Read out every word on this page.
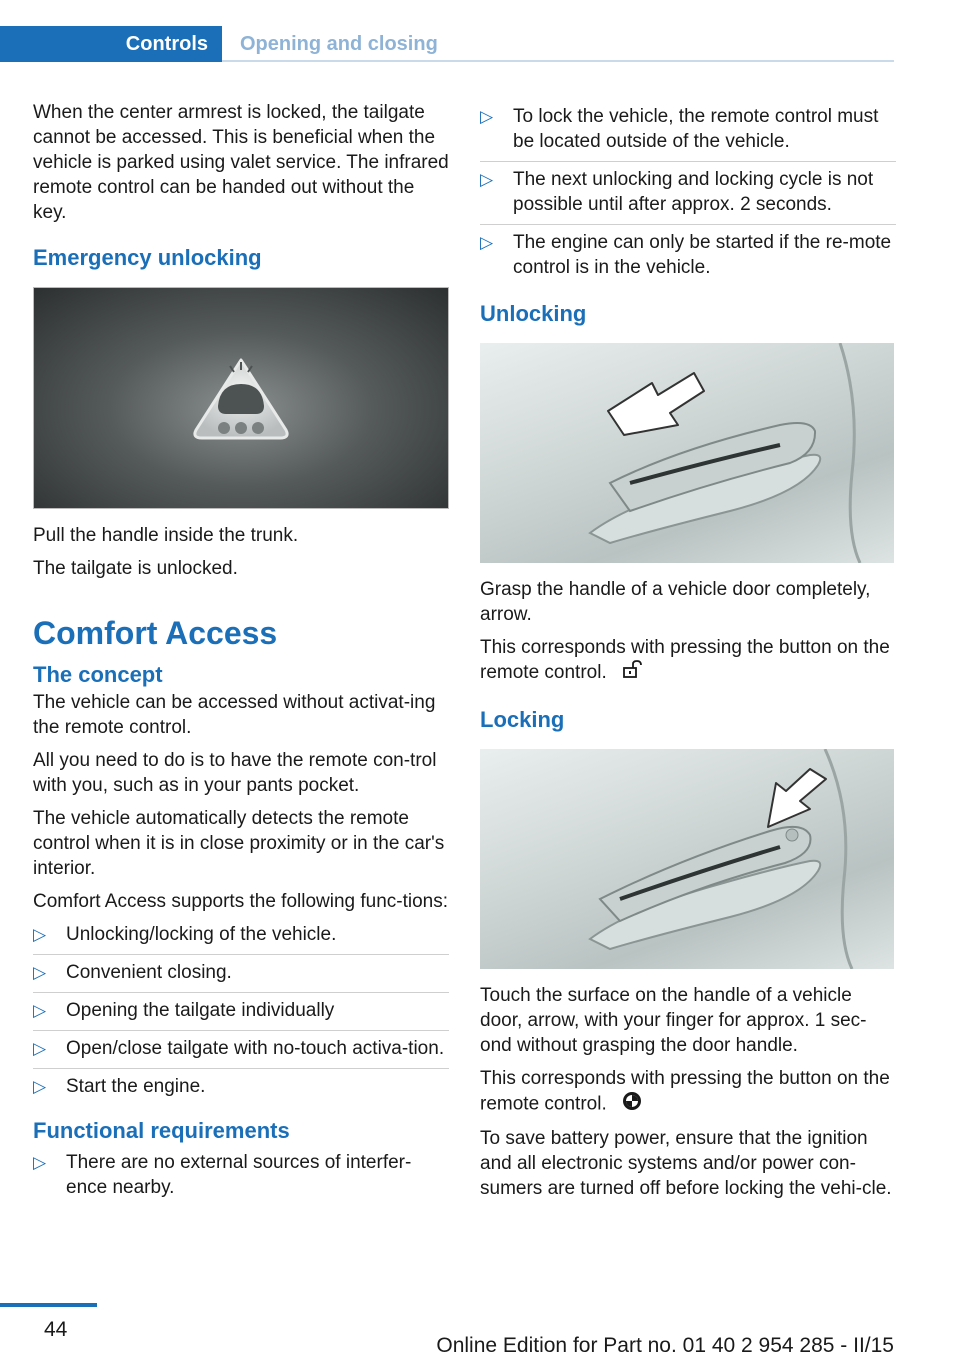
Controls	Opening and closing

When the center armrest is locked, the tailgate cannot be accessed. This is beneficial when the vehicle is parked using valet service. The infrared remote control can be handed out without the key.

Emergency unlocking

Pull the handle inside the trunk.

The tailgate is unlocked.

Comfort Access
The concept

The vehicle can be accessed without activat-ing the remote control.

All you need to do is to have the remote con-trol with you, such as in your pants pocket.

The vehicle automatically detects the remote control when it is in close proximity or in the car's interior.

Comfort Access supports the following func-tions:

▷ Unlocking/locking of the vehicle.
▷ Convenient closing.
▷ Opening the tailgate individually
▷ Open/close tailgate with no-touch activa-tion.
▷ Start the engine.
Functional requirements
▷ There are no external sources of interfer-ence nearby.
▷ To lock the vehicle, the remote control must be located outside of the vehicle.
▷ The next unlocking and locking cycle is not possible until after approx. 2 seconds.
▷ The engine can only be started if the re-mote control is in the vehicle.
Unlocking

Grasp the handle of a vehicle door completely, arrow.

This corresponds with pressing the button on the remote control.

Locking

Touch the surface on the handle of a vehicle door, arrow, with your finger for approx. 1 sec-ond without grasping the door handle.

This corresponds with pressing the button on the remote control.

To save battery power, ensure that the ignition and all electronic systems and/or power con-sumers are turned off before locking the vehi-cle.

44
Online Edition for Part no. 01 40 2 954 285 - II/15
